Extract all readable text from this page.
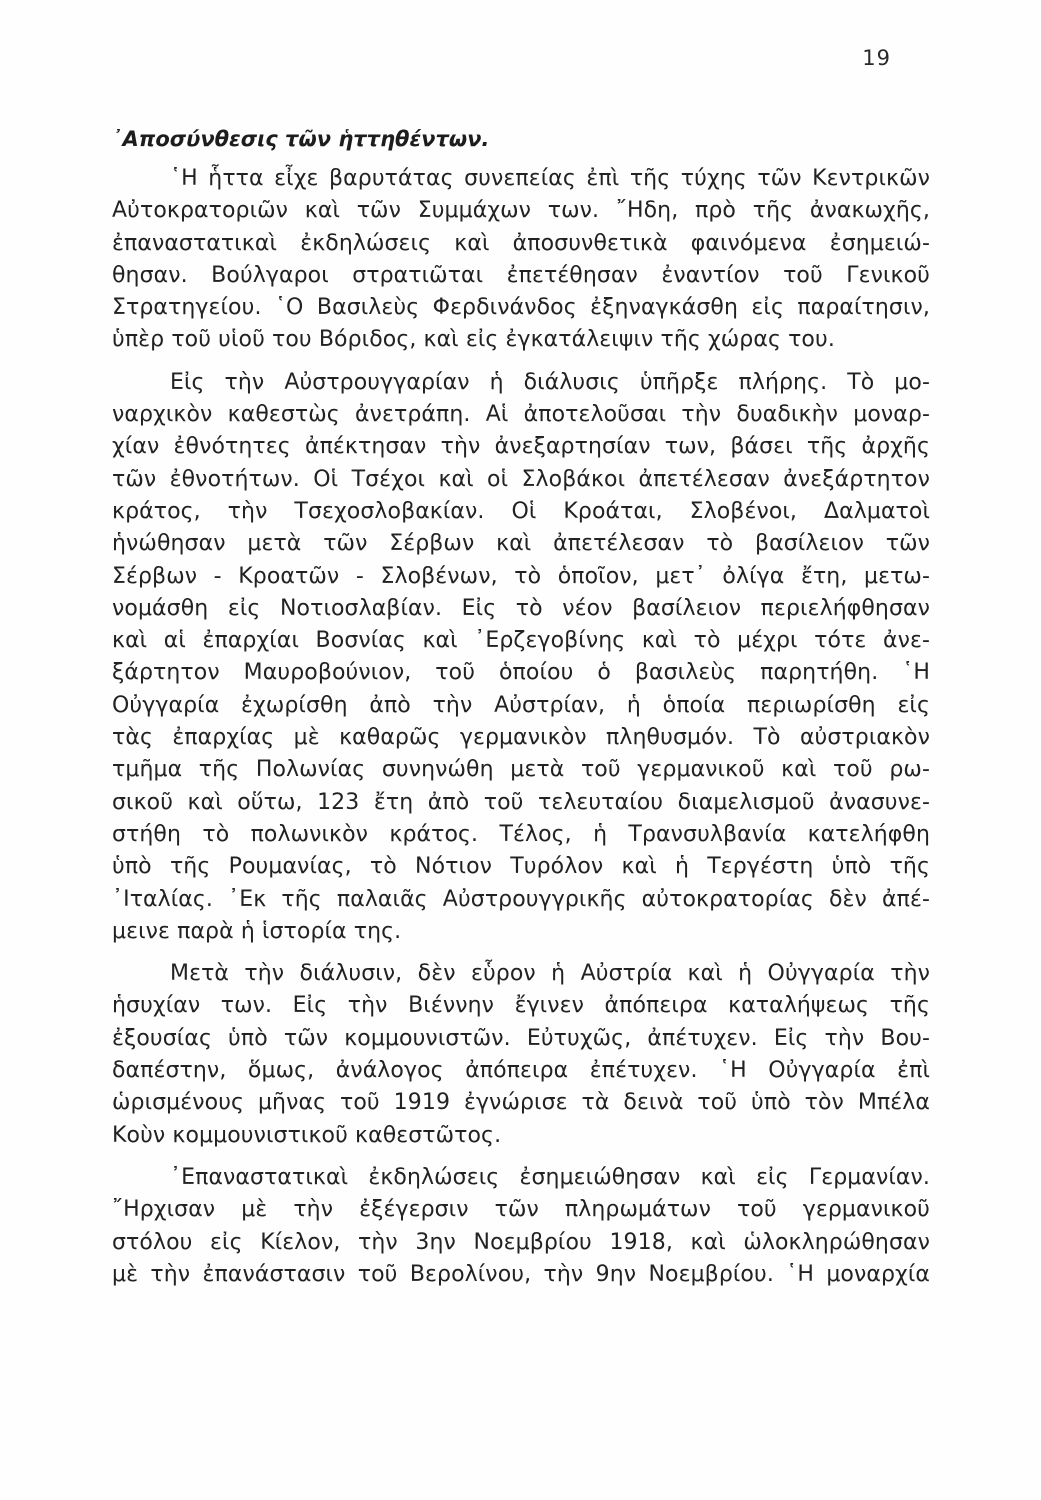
19
᾿Αποσύνθεσις τῶν ἡττηθέντων.
῾Η ἧττα εἶχε βαρυτάτας συνεπείας ἐπὶ τῆς τύχης τῶν Κεντρικῶν
Αὐτοκρατοριῶν καὶ τῶν Συμμάχων των. ῎Ηδη, πρὸ τῆς ἀνακωχῆς,
ἐπαναστατικαὶ ἐκδηλώσεις καὶ ἀποσυνθετικὰ φαινόμενα ἐσημειώ-
θησαν. Βούλγαροι στρατιῶται ἐπετέθησαν ἐναντίον τοῦ Γενικοῦ
Στρατηγείου. ῾Ο Βασιλεὺς Φερδινάνδος ἐξηναγκάσθη εἰς παραίτησιν,
ὑπὲρ τοῦ υἱοῦ του Βόριδος, καὶ εἰς ἐγκατάλειψιν τῆς χώρας του.
Εἰς τὴν Αὐστρουγγαρίαν ἡ διάλυσις ὑπῆρξε πλήρης. Τὸ μο-
ναρχικὸν καθεστὼς ἀνετράπη. Αἱ ἀποτελοῦσαι τὴν δυαδικὴν μοναρ-
χίαν ἐθνότητες ἀπέκτησαν τὴν ἀνεξαρτησίαν των, βάσει τῆς ἀρχῆς
τῶν ἐθνοτήτων. Οἱ Τσέχοι καὶ οἱ Σλοβάκοι ἀπετέλεσαν ἀνεξάρτητον
κράτος, τὴν Τσεχοσλοβακίαν. Οἱ Κροάται, Σλοβένοι, Δαλματοὶ
ἡνώθησαν μετὰ τῶν Σέρβων καὶ ἀπετέλεσαν τὸ βασίλειον τῶν
Σέρβων - Κροατῶν - Σλοβένων, τὸ ὁποῖον, μετ᾿ ὀλίγα ἔτη, μετω-
νομάσθη εἰς Νοτιοσλαβίαν. Εἰς τὸ νέον βασίλειον περιελήφθησαν
καὶ αἱ ἐπαρχίαι Βοσνίας καὶ ᾿Ερζεγοβίνης καὶ τὸ μέχρι τότε ἀνε-
ξάρτητον Μαυροβούνιον, τοῦ ὁποίου ὁ βασιλεὺς παρητήθη. ῾Η
Οὐγγαρία ἐχωρίσθη ἀπὸ τὴν Αὐστρίαν, ἡ ὁποία περιωρίσθη εἰς
τὰς ἐπαρχίας μὲ καθαρῶς γερμανικὸν πληθυσμόν. Τὸ αὐστριακὸν
τμῆμα τῆς Πολωνίας συνηνώθη μετὰ τοῦ γερμανικοῦ καὶ τοῦ ρω-
σικοῦ καὶ οὕτω, 123 ἔτη ἀπὸ τοῦ τελευταίου διαμελισμοῦ ἀνασυνε-
στήθη τὸ πολωνικὸν κράτος. Τέλος, ἡ Τρανσυλβανία κατελήφθη
ὑπὸ τῆς Ρουμανίας, τὸ Νότιον Τυρόλον καὶ ἡ Τεργέστη ὑπὸ τῆς
᾿Ιταλίας. ᾿Εκ τῆς παλαιᾶς Αὐστρουγγρικῆς αὐτοκρατορίας δὲν ἀπέ-
μεινε παρὰ ἡ ἱστορία της.
Μετὰ τὴν διάλυσιν, δὲν εὗρον ἡ Αὐστρία καὶ ἡ Οὐγγαρία τὴν
ἡσυχίαν των. Εἰς τὴν Βιέννην ἔγινεν ἀπόπειρα καταλήψεως τῆς
ἐξουσίας ὑπὸ τῶν κομμουνιστῶν. Εὐτυχῶς, ἀπέτυχεν. Εἰς τὴν Βου-
δαπέστην, ὅμως, ἀνάλογος ἀπόπειρα ἐπέτυχεν. ῾Η Οὐγγαρία ἐπὶ
ὡρισμένους μῆνας τοῦ 1919 ἐγνώρισε τὰ δεινὰ τοῦ ὑπὸ τὸν Μπέλα
Κοὺν κομμουνιστικοῦ καθεστῶτος.
᾿Επαναστατικαὶ ἐκδηλώσεις ἐσημειώθησαν καὶ εἰς Γερμανίαν.
῎Ηρχισαν μὲ τὴν ἐξέγερσιν τῶν πληρωμάτων τοῦ γερμανικοῦ
στόλου εἰς Κίελον, τὴν 3ην Νοεμβρίου 1918, καὶ ὡλοκληρώθησαν
μὲ τὴν ἐπανάστασιν τοῦ Βερολίνου, τὴν 9ην Νοεμβρίου. ῾Η μοναρχία
